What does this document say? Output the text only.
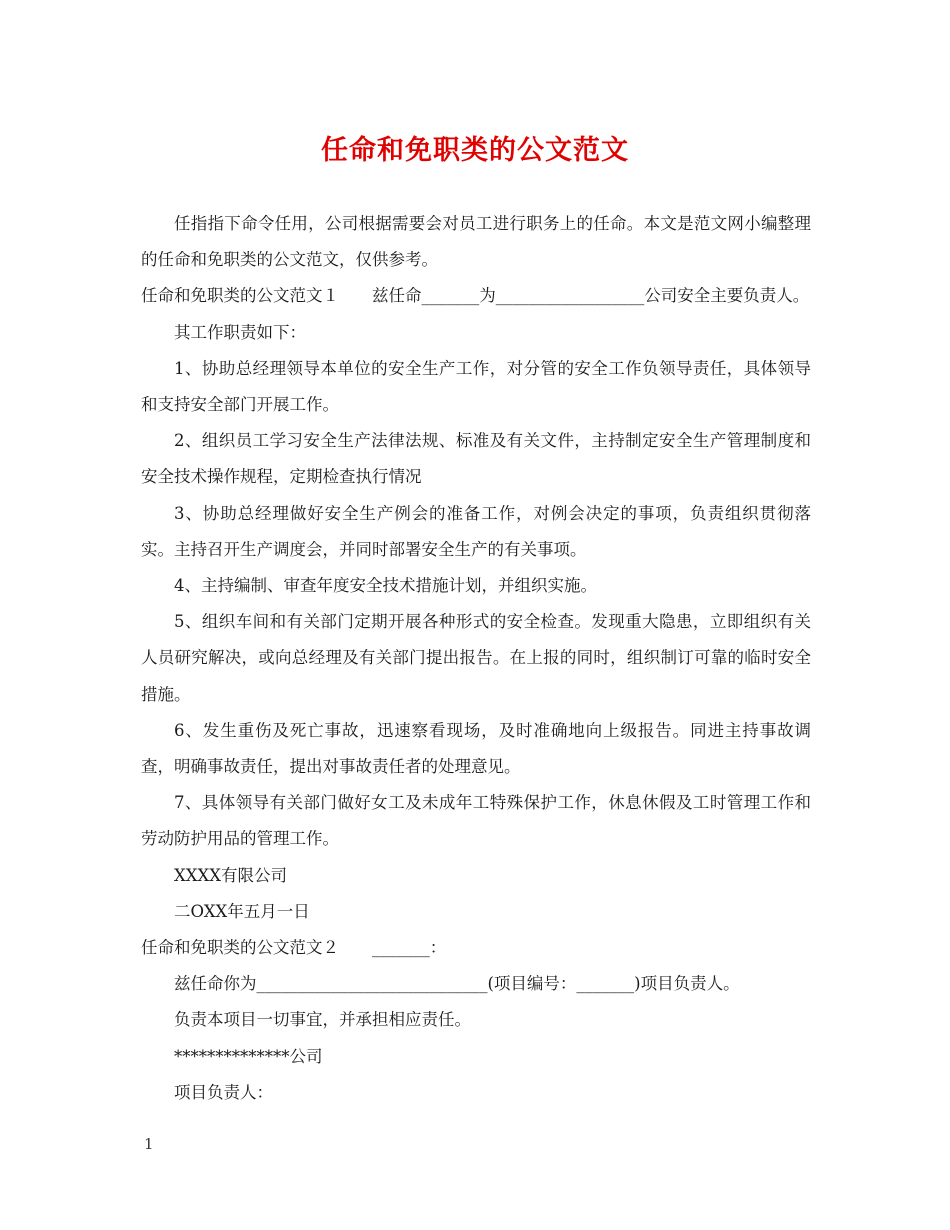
任命和免职类的公文范文

任指指下命令任用，公司根据需要会对员工进行职务上的任命。本文是范文网小编整理的任命和免职类的公文范文，仅供参考。

任命和免职类的公文范文１　　兹任命_______为__________________公司安全主要负责人。

其工作职责如下：

1、协助总经理领导本单位的安全生产工作，对分管的安全工作负领导责任，具体领导和支持安全部门开展工作。

2、组织员工学习安全生产法律法规、标准及有关文件，主持制定安全生产管理制度和安全技术操作规程，定期检查执行情况

3、协助总经理做好安全生产例会的准备工作，对例会决定的事项，负责组织贯彻落实。主持召开生产调度会，并同时部署安全生产的有关事项。

4、主持编制、审查年度安全技术措施计划，并组织实施。

5、组织车间和有关部门定期开展各种形式的安全检查。发现重大隐患，立即组织有关人员研究解决，或向总经理及有关部门提出报告。在上报的同时，组织制订可靠的临时安全措施。

6、发生重伤及死亡事故，迅速察看现场，及时准确地向上级报告。同进主持事故调查，明确事故责任，提出对事故责任者的处理意见。

7、具体领导有关部门做好女工及未成年工特殊保护工作，休息休假及工时管理工作和劳动防护用品的管理工作。

XXXX有限公司

二OXX年五月一日

任命和免职类的公文范文２　　_______：

兹任命你为____________________________(项目编号：_______)项目负责人。

负责本项目一切事宜，并承担相应责任。

**************公司

项目负责人：

1
